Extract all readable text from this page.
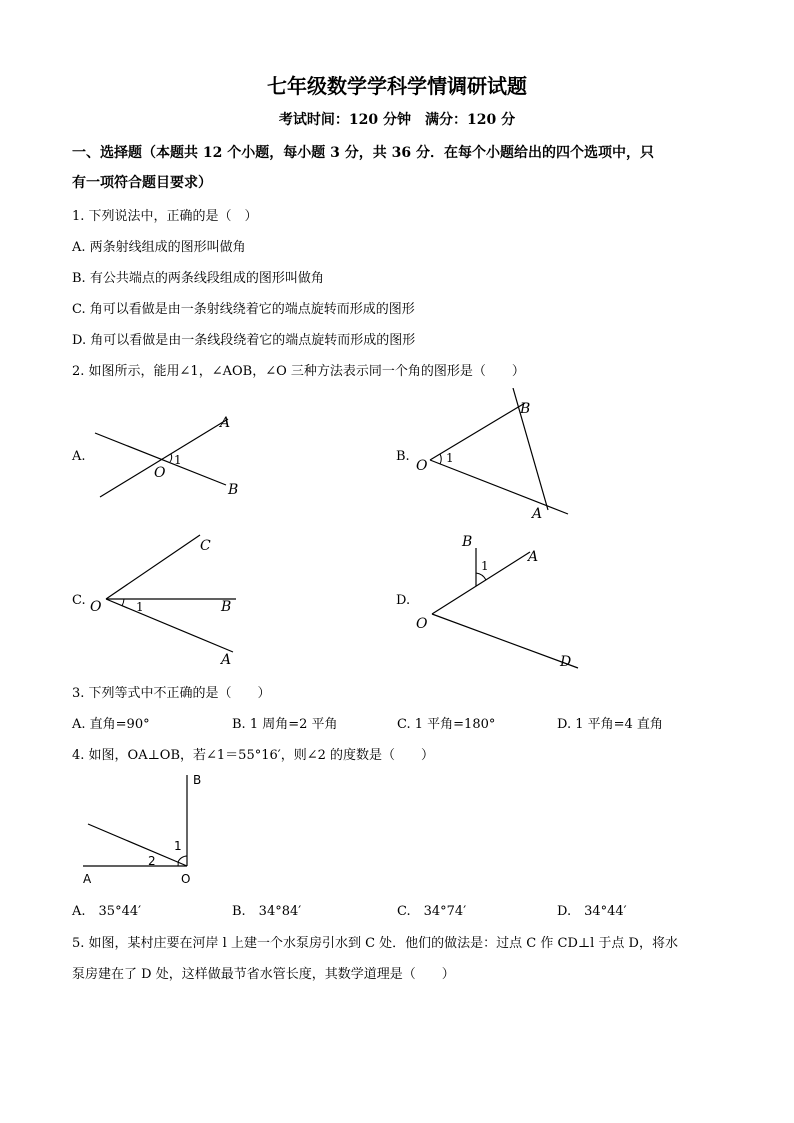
七年级数学学科学情调研试题
考试时间：120 分钟　满分：120 分
一、选择题（本题共 12 个小题，每小题 3 分，共 36 分．在每个小题给出的四个选项中，只
有一项符合题目要求）
1. 下列说法中，正确的是（　）
A. 两条射线组成的图形叫做角
B. 有公共端点的两条线段组成的图形叫做角
C. 角可以看做是由一条射线绕着它的端点旋转而形成的图形
D. 角可以看做是由一条线段绕着它的端点旋转而形成的图形
2. 如图所示，能用∠1，∠AOB，∠O 三种方法表示同一个角的图形是（　　）
A.
A
O
B
1	B.
B
O
A
1
C.
C
O	B
A
1	D.
B
A
O
D
1
3. 下列等式中不正确的是（　　）
A. 直角=90°	B. 1 周角=2 平角	C. 1 平角=180°	D. 1 平角=4 直角
4. 如图，OA⊥OB，若∠1＝55°16′，则∠2 的度数是（　　）
B
A	O
1
2
A.　35°44′	B.　34°84′	C.　34°74′	D.　34°44′
5. 如图，某村庄要在河岸 l 上建一个水泵房引水到 C 处．他们的做法是：过点 C 作 CD⊥l 于点 D，将水
泵房建在了 D 处，这样做最节省水管长度，其数学道理是（　　）
